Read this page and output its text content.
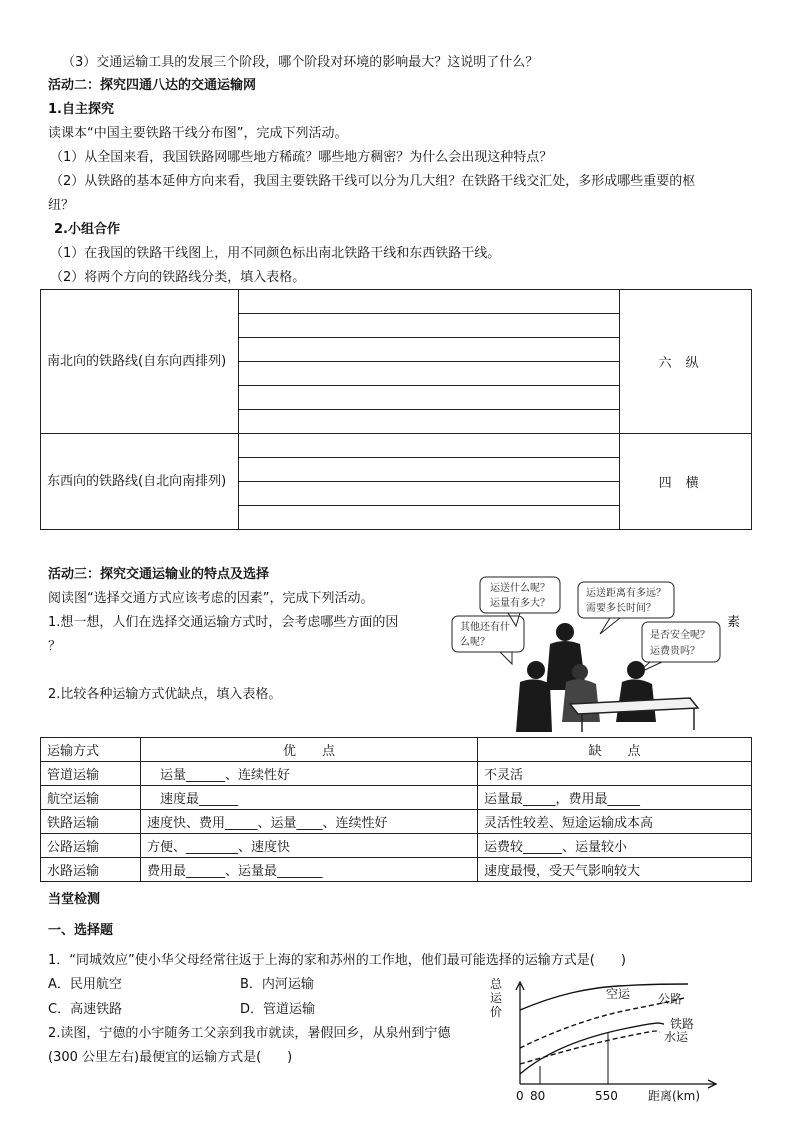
（3）交通运输工具的发展三个阶段，哪个阶段对环境的影响最大？这说明了什么？
活动二：探究四通八达的交通运输网
1.自主探究
读课本“中国主要铁路干线分布图”，完成下列活动。
（1）从全国来看，我国铁路网哪些地方稀疏？哪些地方稠密？为什么会出现这种特点？
（2）从铁路的基本延伸方向来看，我国主要铁路干线可以分为几大组？在铁路干线交汇处，多形成哪些重要的枢
纽？
2.小组合作
（1）在我国的铁路干线图上，用不同颜色标出南北铁路干线和东西铁路干线。
（2）将两个方向的铁路线分类，填入表格。
南北向的铁路线(自东向西排列)		六纵

东西向的铁路线(自北向南排列)		四横

活动三：探究交通运输业的特点及选择
阅读图“选择交通方式应该考虑的因素”，完成下列活动。
1.想一想，人们在选择交通运输方式时，会考虑哪些方面的因	素
？
2.比较各种运输方式优缺点，填入表格。
运送什么呢？
运量有多大？
运送距离有多远？
需要多长时间？
其他还有什
么呢？
是否安全呢？
运费贵吗？
运输方式	优　　点	缺　　点
管道运输	　运量______、连续性好	不灵活
航空运输	　速度最______	运量最_____，费用最_____
铁路运输	速度快、费用_____、运量____、连续性好	灵活性较差、短途运输成本高
公路运输	方便、________、速度快	运费较______、运量较小
水路运输	费用最______、运量最_______	速度最慢，受天气影响较大
当堂检测
一、选择题
1．“同城效应”使小华父母经常往返于上海的家和苏州的工作地，他们最可能选择的运输方式是(　　)
A．民用航空	B．内河运输
C．高速铁路	D．管道运输
2.读图，宁德的小宇随务工父亲到我市就读，暑假回乡，从泉州到宁德
(300 公里左右)最便宜的运输方式是(　　)
总
运
价
空运 公路
铁路
水运
0 80	550	距离(km)
